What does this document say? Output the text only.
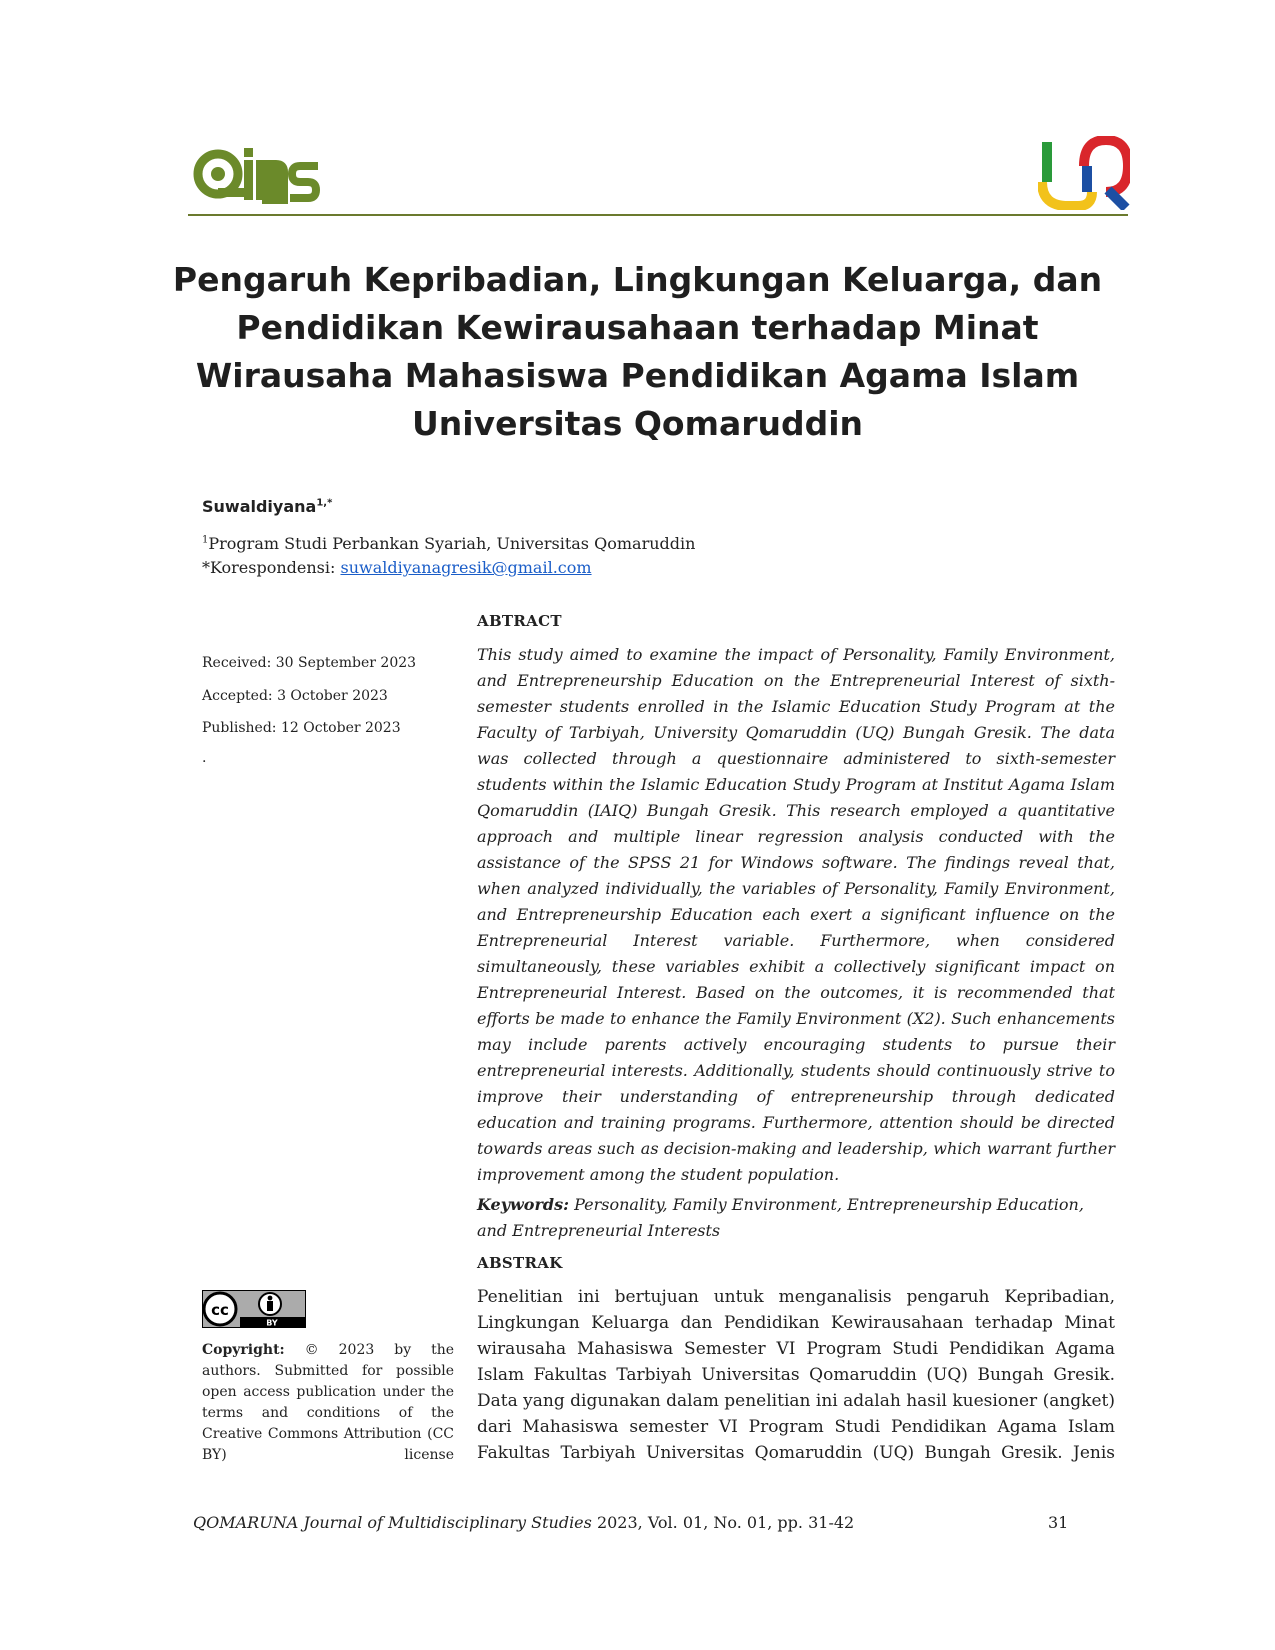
Pengaruh Kepribadian, Lingkungan Keluarga, dan Pendidikan Kewirausahaan terhadap Minat Wirausaha Mahasiswa Pendidikan Agama Islam Universitas Qomaruddin
Suwaldiyana$^{1,*}$
$^1$Program Studi Perbankan Syariah, Universitas Qomaruddin
*Korespondensi: suwaldiyanagresik@gmail.com
Received: 30 September 2023
Accepted: 3 October 2023
Published: 12 October 2023
.
cc
BY
Copyright: © 2023 by the authors. Submitted for possible open access publication under the terms and conditions of the Creative Commons Attribution (CC BY) license
ABTRACT

This study aimed to examine the impact of Personality, Family Environment, and Entrepreneurship Education on the Entrepreneurial Interest of sixth-semester students enrolled in the Islamic Education Study Program at the Faculty of Tarbiyah, University Qomaruddin (UQ) Bungah Gresik. The data was collected through a questionnaire administered to sixth-semester students within the Islamic Education Study Program at Institut Agama Islam Qomaruddin (IAIQ) Bungah Gresik. This research employed a quantitative approach and multiple linear regression analysis conducted with the assistance of the SPSS 21 for Windows software. The findings reveal that, when analyzed individually, the variables of Personality, Family Environment, and Entrepreneurship Education each exert a significant influence on the Entrepreneurial Interest variable. Furthermore, when considered simultaneously, these variables exhibit a collectively significant impact on Entrepreneurial Interest. Based on the outcomes, it is recommended that efforts be made to enhance the Family Environment (X2). Such enhancements may include parents actively encouraging students to pursue their entrepreneurial interests. Additionally, students should continuously strive to improve their understanding of entrepreneurship through dedicated education and training programs. Furthermore, attention should be directed towards areas such as decision-making and leadership, which warrant further improvement among the student population.

Keywords: Personality, Family Environment, Entrepreneurship Education, and Entrepreneurial Interests
ABSTRAK

Penelitian ini bertujuan untuk menganalisis pengaruh Kepribadian, Lingkungan Keluarga dan Pendidikan Kewirausahaan terhadap Minat wirausaha Mahasiswa Semester VI Program Studi Pendidikan Agama Islam Fakultas Tarbiyah Universitas Qomaruddin (UQ) Bungah Gresik. Data yang digunakan dalam penelitian ini adalah hasil kuesioner (angket) dari Mahasiswa semester VI Program Studi Pendidikan Agama Islam Fakultas Tarbiyah Universitas Qomaruddin (UQ) Bungah Gresik. Jenis

QOMARUNA Journal of Multidisciplinary Studies 2023, Vol. 01, No. 01, pp. 31-42	31
